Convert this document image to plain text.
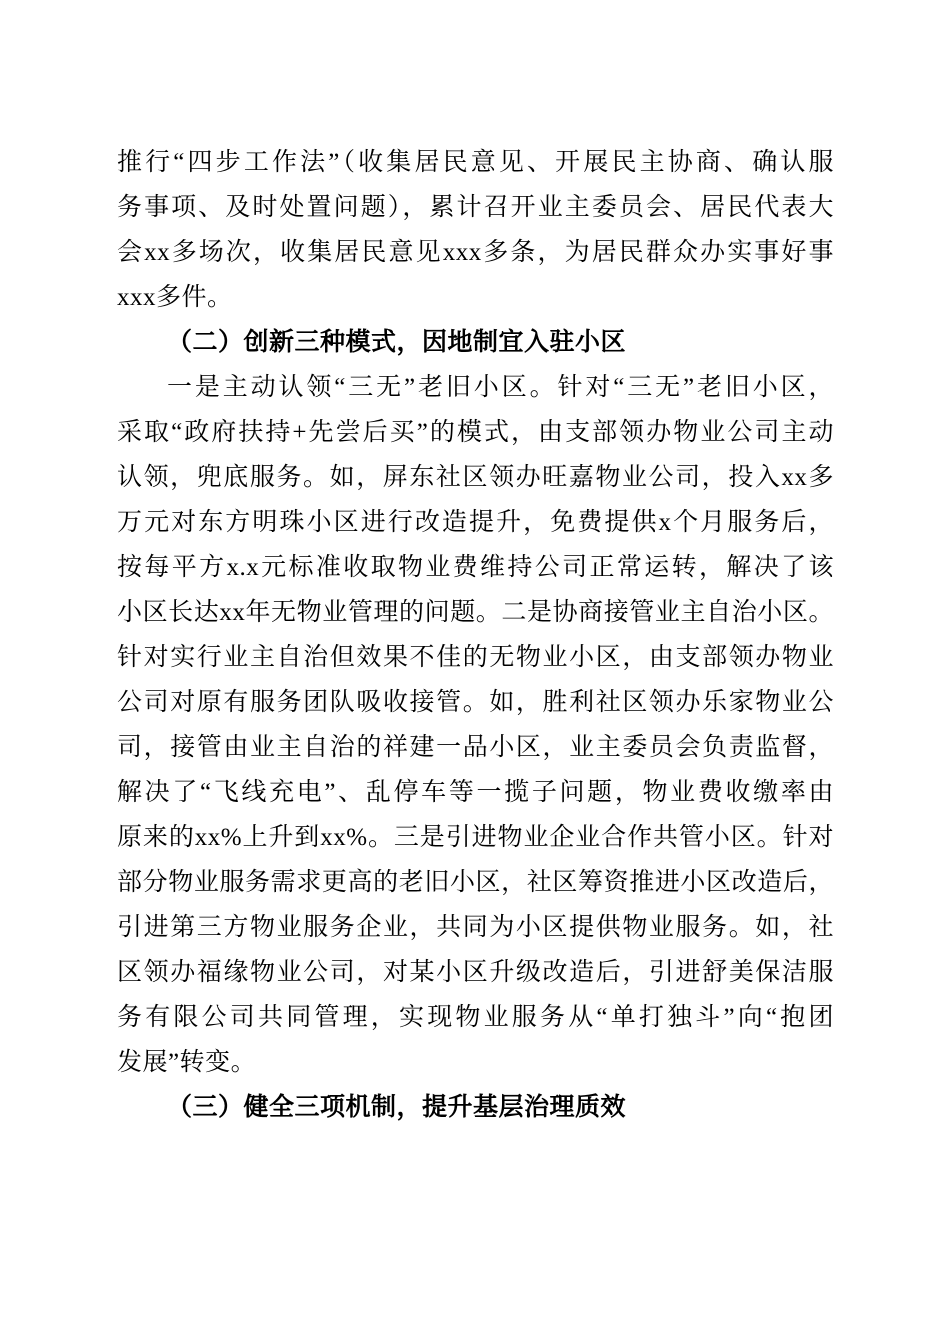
推行“四步工作法”（收集居民意见、开展民主协商、确认服
务事项、及时处置问题），累计召开业主委员会、居民代表大
会xx多场次，收集居民意见xxx多条，为居民群众办实事好事
xxx多件。
（二）创新三种模式，因地制宜入驻小区
一是主动认领“三无”老旧小区。针对“三无”老旧小区，
采取“政府扶持+先尝后买”的模式，由支部领办物业公司主动
认领，兜底服务。如，屏东社区领办旺嘉物业公司，投入xx多
万元对东方明珠小区进行改造提升，免费提供x个月服务后，
按每平方x.x元标准收取物业费维持公司正常运转，解决了该
小区长达xx年无物业管理的问题。二是协商接管业主自治小区。
针对实行业主自治但效果不佳的无物业小区，由支部领办物业
公司对原有服务团队吸收接管。如，胜利社区领办乐家物业公
司，接管由业主自治的祥建一品小区，业主委员会负责监督，
解决了“飞线充电”、乱停车等一揽子问题，物业费收缴率由
原来的xx%上升到xx%。三是引进物业企业合作共管小区。针对
部分物业服务需求更高的老旧小区，社区筹资推进小区改造后，
引进第三方物业服务企业，共同为小区提供物业服务。如，社
区领办福缘物业公司，对某小区升级改造后，引进舒美保洁服
务有限公司共同管理，实现物业服务从“单打独斗”向“抱团
发展”转变。
（三）健全三项机制，提升基层治理质效
